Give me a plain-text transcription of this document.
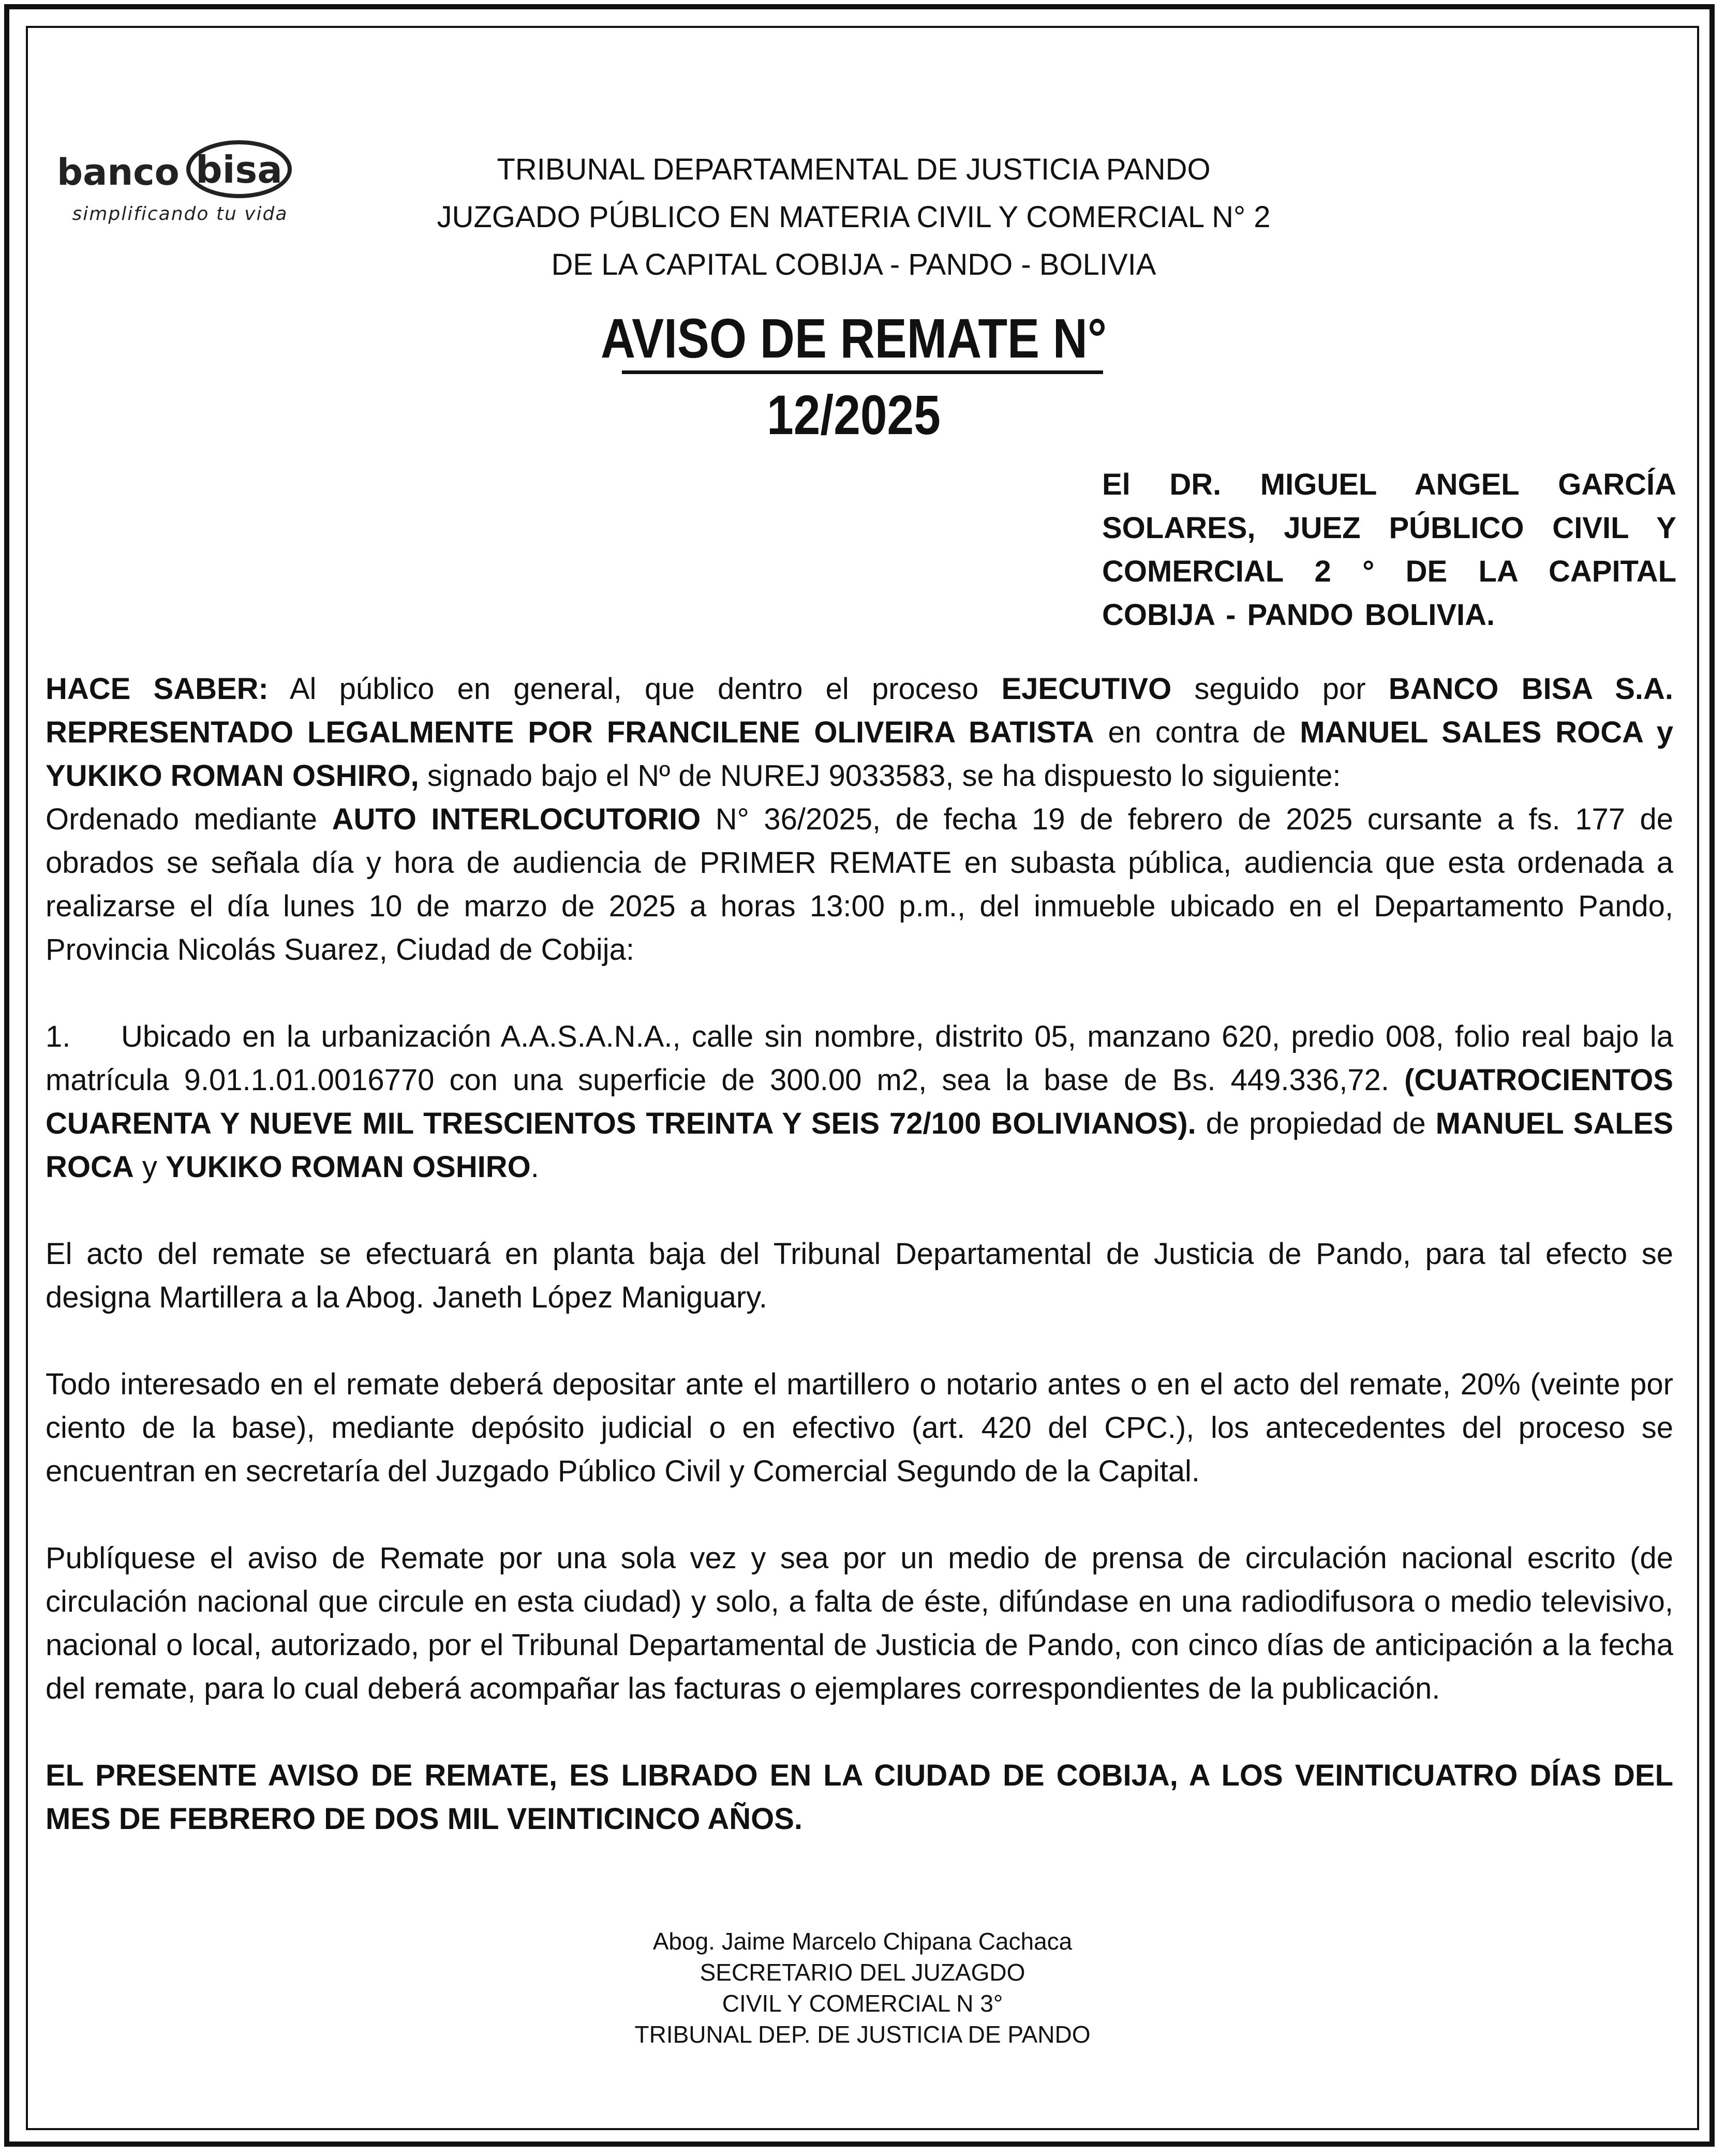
banco bisa
simplificando tu vida
TRIBUNAL DEPARTAMENTAL DE JUSTICIA PANDO
JUZGADO PÚBLICO EN MATERIA CIVIL Y COMERCIAL N° 2
DE LA CAPITAL COBIJA - PANDO - BOLIVIA
AVISO DE REMATE N°
12/2025
El DR. MIGUEL ANGEL GARCÍA
SOLARES, JUEZ PÚBLICO CIVIL Y
COMERCIAL 2 ° DE LA CAPITAL
COBIJA - PANDO BOLIVIA.

HACE SABER: Al público en general, que dentro el proceso EJECUTIVO seguido por BANCO BISA S.A. REPRESENTADO LEGALMENTE POR FRANCILENE OLIVEIRA BATISTA en contra de MANUEL SALES ROCA y YUKIKO ROMAN OSHIRO, signado bajo el Nº de NUREJ 9033583, se ha dispuesto lo siguiente:

Ordenado mediante AUTO INTERLOCUTORIO N° 36/2025, de fecha 19 de febrero de 2025 cursante a fs. 177 de obrados se señala día y hora de audiencia de PRIMER REMATE en subasta pública, audiencia que esta ordenada a realizarse el día lunes 10 de marzo de 2025 a horas 13:00 p.m., del inmueble ubicado en el Departamento Pando, Provincia Nicolás Suarez, Ciudad de Cobija:

1. Ubicado en la urbanización A.A.S.A.N.A., calle sin nombre, distrito 05, manzano 620, predio 008, folio real bajo la matrícula 9.01.1.01.0016770 con una superficie de 300.00 m2, sea la base de Bs. 449.336,72. (CUATROCIENTOS CUARENTA Y NUEVE MIL TRESCIENTOS TREINTA Y SEIS 72/100 BOLIVIANOS). de propiedad de MANUEL SALES ROCA y YUKIKO ROMAN OSHIRO.

El acto del remate se efectuará en planta baja del Tribunal Departamental de Justicia de Pando, para tal efecto se designa Martillera a la Abog. Janeth López Maniguary.

Todo interesado en el remate deberá depositar ante el martillero o notario antes o en el acto del remate, 20% (veinte por ciento de la base), mediante depósito judicial o en efectivo (art. 420 del CPC.), los antecedentes del proceso se encuentran en secretaría del Juzgado Público Civil y Comercial Segundo de la Capital.

Publíquese el aviso de Remate por una sola vez y sea por un medio de prensa de circulación nacional escrito (de circulación nacional que circule en esta ciudad) y solo, a falta de éste, difúndase en una radiodifusora o medio televisivo, nacional o local, autorizado, por el Tribunal Departamental de Justicia de Pando, con cinco días de anticipación a la fecha del remate, para lo cual deberá acompañar las facturas o ejemplares correspondientes de la publicación.

EL PRESENTE AVISO DE REMATE, ES LIBRADO EN LA CIUDAD DE COBIJA, A LOS VEINTICUATRO DÍAS DEL MES DE FEBRERO DE DOS MIL VEINTICINCO AÑOS.

Abog. Jaime Marcelo Chipana Cachaca
SECRETARIO DEL JUZAGDO
CIVIL Y COMERCIAL N 3°
TRIBUNAL DEP. DE JUSTICIA DE PANDO
